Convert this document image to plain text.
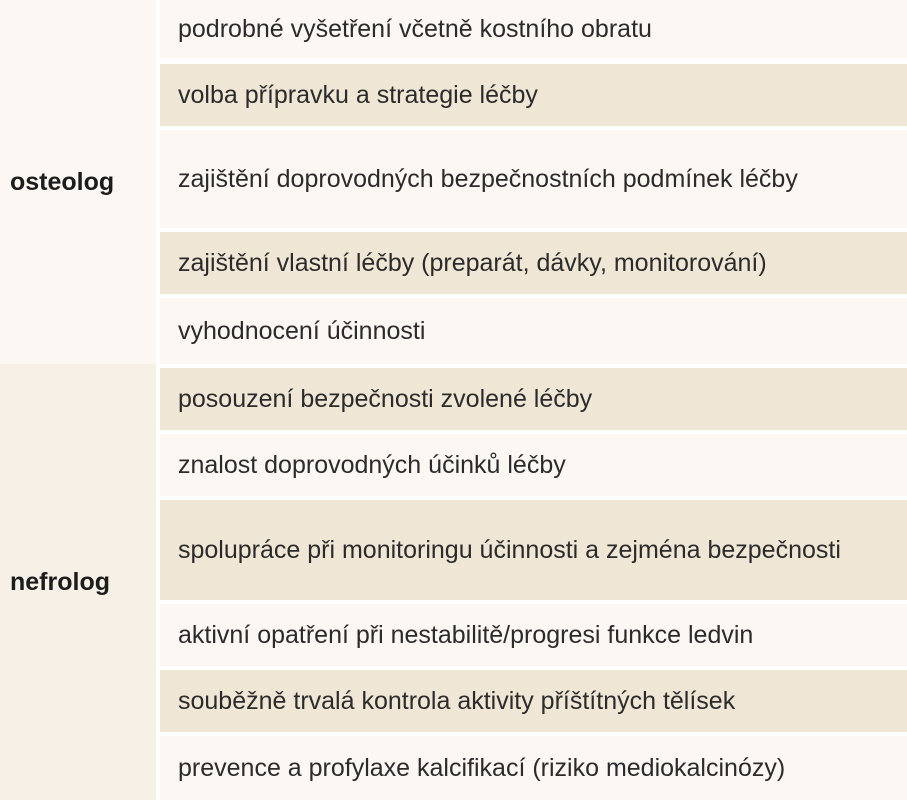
osteolog
podrobné vyšetření včetně kostního obratu
volba přípravku a strategie léčby
zajištění doprovodných bezpečnostních podmínek léčby
zajištění vlastní léčby (preparát, dávky, monitorování)
vyhodnocení účinnosti
nefrolog
posouzení bezpečnosti zvolené léčby
znalost doprovodných účinků léčby
spolupráce při monitoringu účinnosti a zejména bezpečnosti
aktivní opatření při nestabilitě/progresi funkce ledvin
souběžně trvalá kontrola aktivity příštítných tělísek
prevence a profylaxe kalcifikací (riziko mediokalcinózy)
